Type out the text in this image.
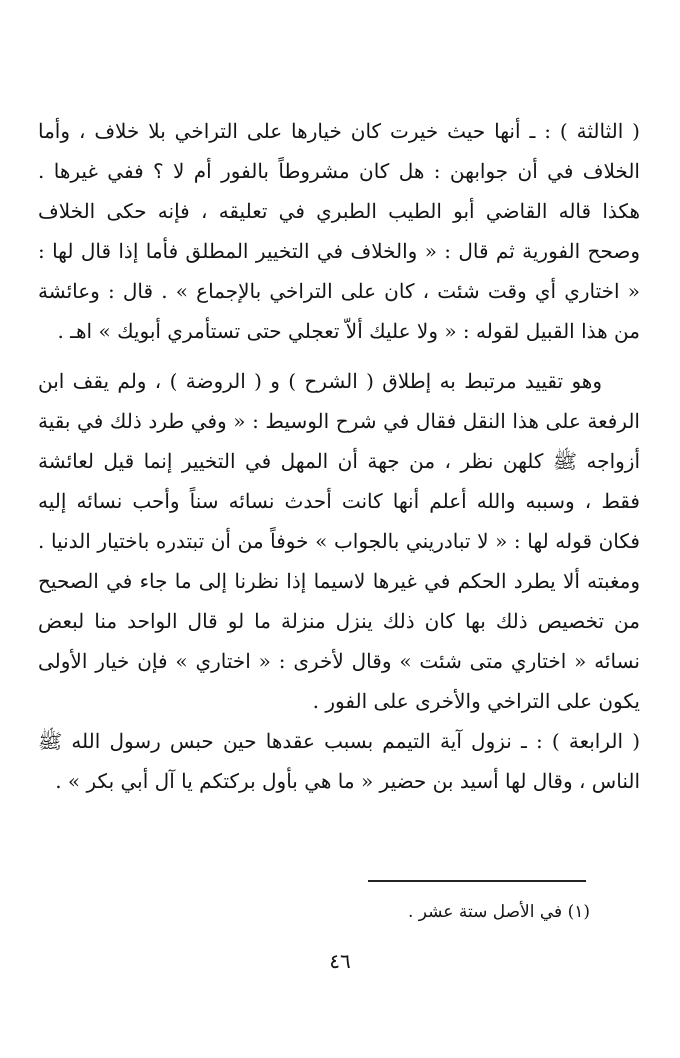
( الثالثة ) : ـ أنها حيث خيرت كان خيارها على التراخي بلا خلاف ، وأما الخلاف في أن جوابهن : هل كان مشروطاً بالفور أم لا ؟ ففي غيرها . هكذا قاله القاضي أبو الطيب الطبري في تعليقه ، فإنه حكى الخلاف وصحح الفورية ثم قال : « والخلاف في التخيير المطلق فأما إذا قال لها : « اختاري أي وقت شئت ، كان على التراخي بالإجماع » . قال : وعائشة من هذا القبيل لقوله : « ولا عليك ألاّ تعجلي حتى تستأمري أبويك » اهـ .

وهو تقييد مرتبط به إطلاق ( الشرح ) و ( الروضة ) ، ولم يقف ابن الرفعة على هذا النقل فقال في شرح الوسيط : « وفي طرد ذلك في بقية أزواجه ﷺ كلهن نظر ، من جهة أن المهل في التخيير إنما قيل لعائشة فقط ، وسببه والله أعلم أنها كانت أحدث نسائه سناً وأحب نسائه إليه فكان قوله لها : « لا تبادريني بالجواب » خوفاً من أن تبتدره باختيار الدنيا . ومغبته ألا يطرد الحكم في غيرها لاسيما إذا نظرنا إلى ما جاء في الصحيح من تخصيص ذلك بها كان ذلك ينزل منزلة ما لو قال الواحد منا لبعض نسائه « اختاري متى شئت » وقال لأخرى : « اختاري » فإن خيار الأولى يكون على التراخي والأخرى على الفور .

( الرابعة ) : ـ نزول آية التيمم بسبب عقدها حين حبس رسول الله ﷺ الناس ، وقال لها أسيد بن حضير « ما هي بأول بركتكم يا آل أبي بكر » .

(١) في الأصل ستة عشر .
٤٦
